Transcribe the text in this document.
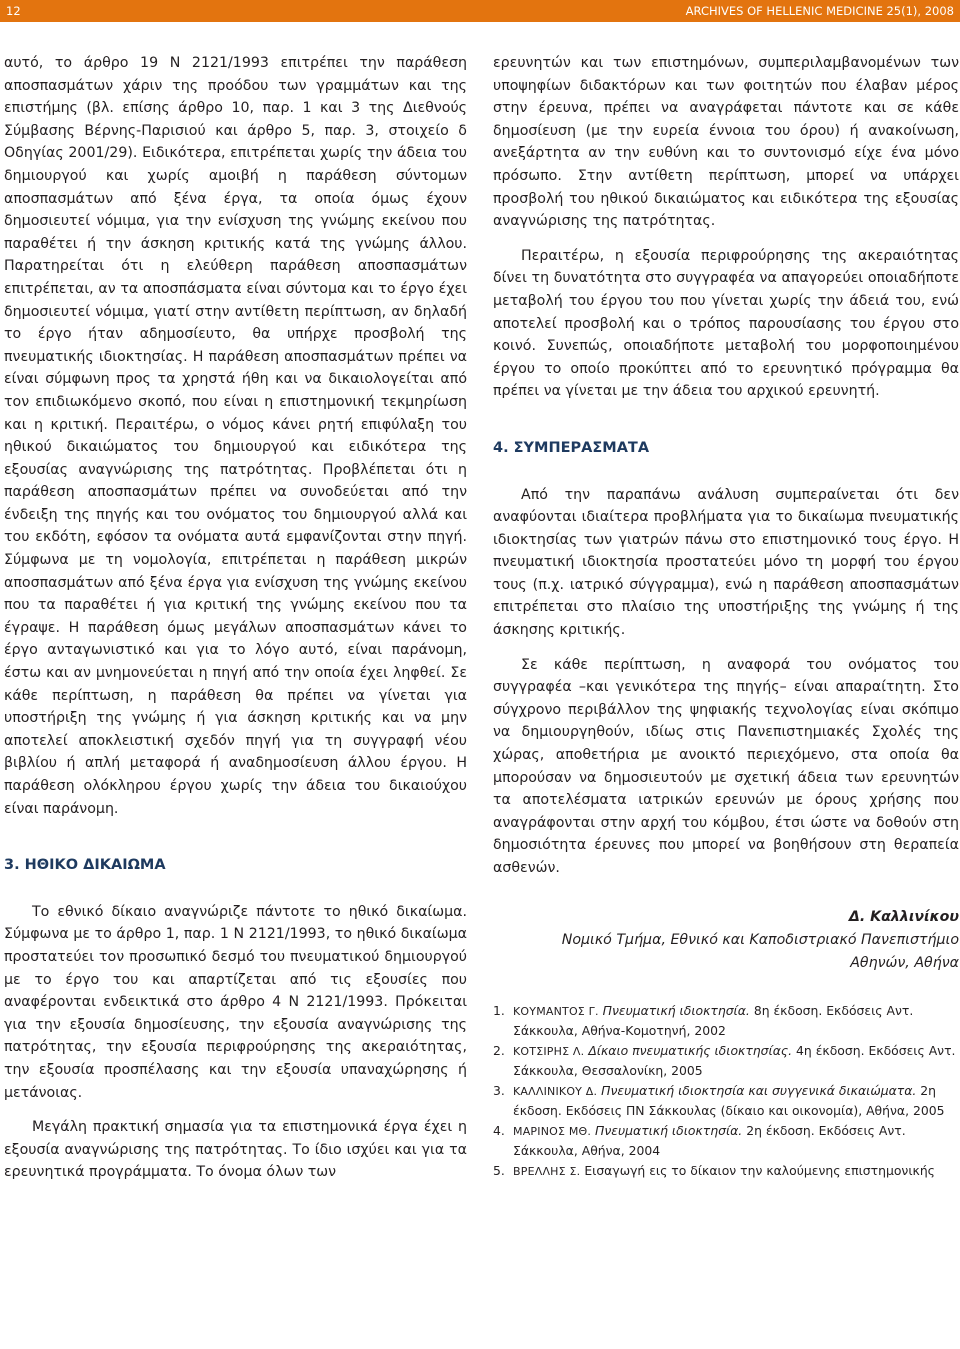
12	ARCHIVES OF HELLENIC MEDICINE 25(1), 2008

αυτό, το άρθρο 19 Ν 2121/1993 επιτρέπει την παράθεση αποσπασμάτων χάριν της προόδου των γραμμάτων και της επιστήμης (βλ. επίσης άρθρο 10, παρ. 1 και 3 της Διεθνούς Σύμβασης Βέρνης-Παρισιού και άρθρο 5, παρ. 3, στοιχείο δ Οδηγίας 2001/29). Ειδικότερα, επιτρέπεται χωρίς την άδεια του δημιουργού και χωρίς αμοιβή η παράθεση σύντομων αποσπασμάτων από ξένα έργα, τα οποία όμως έχουν δημοσιευτεί νόμιμα, για την ενίσχυση της γνώμης εκείνου που παραθέτει ή την άσκηση κριτικής κατά της γνώμης άλλου. Παρατηρείται ότι η ελεύθερη παράθεση αποσπασμάτων επιτρέπεται, αν τα αποσπάσματα είναι σύντομα και το έργο έχει δημοσιευτεί νόμιμα, γιατί στην αντίθετη περίπτωση, αν δηλαδή το έργο ήταν αδημοσίευτο, θα υπήρχε προσβολή της πνευματικής ιδιοκτησίας. Η παράθεση αποσπασμάτων πρέπει να είναι σύμφωνη προς τα χρηστά ήθη και να δικαιολογείται από τον επιδιωκόμενο σκοπό, που είναι η επιστημονική τεκμηρίωση και η κριτική. Περαιτέρω, ο νόμος κάνει ρητή επιφύλαξη του ηθικού δικαιώματος του δημιουργού και ειδικότερα της εξουσίας αναγνώρισης της πατρότητας. Προβλέπεται ότι η παράθεση αποσπασμάτων πρέπει να συνοδεύεται από την ένδειξη της πηγής και του ονόματος του δημιουργού αλλά και του εκδότη, εφόσον τα ονόματα αυτά εμφανίζονται στην πηγή. Σύμφωνα με τη νομολογία, επιτρέπεται η παράθεση μικρών αποσπασμάτων από ξένα έργα για ενίσχυση της γνώμης εκείνου που τα παραθέτει ή για κριτική της γνώμης εκείνου που τα έγραψε. Η παράθεση όμως μεγάλων αποσπασμάτων κάνει το έργο ανταγωνιστικό και για το λόγο αυτό, είναι παράνομη, έστω και αν μνημονεύεται η πηγή από την οποία έχει ληφθεί. Σε κάθε περίπτωση, η παράθεση θα πρέπει να γίνεται για υποστήριξη της γνώμης ή για άσκηση κριτικής και να μην αποτελεί αποκλειστική σχεδόν πηγή για τη συγγραφή νέου βιβλίου ή απλή μεταφορά ή αναδημοσίευση άλλου έργου. Η παράθεση ολόκληρου έργου χωρίς την άδεια του δικαιούχου είναι παράνομη.

3. ΗΘΙΚΟ ΔΙΚΑΙΩΜΑ

Το εθνικό δίκαιο αναγνώριζε πάντοτε το ηθικό δικαίωμα. Σύμφωνα με το άρθρο 1, παρ. 1 Ν 2121/1993, το ηθικό δικαίωμα προστατεύει τον προσωπικό δεσμό του πνευματικού δημιουργού με το έργο του και απαρτίζεται από τις εξουσίες που αναφέρονται ενδεικτικά στο άρθρο 4 Ν 2121/1993. Πρόκειται για την εξουσία δημοσίευσης, την εξουσία αναγνώρισης της πατρότητας, την εξουσία περιφρούρησης της ακεραιότητας, την εξουσία προσπέλασης και την εξουσία υπαναχώρησης ή μετάνοιας.

Μεγάλη πρακτική σημασία για τα επιστημονικά έργα έχει η εξουσία αναγνώρισης της πατρότητας. Το ίδιο ισχύει και για τα ερευνητικά προγράμματα. Το όνομα όλων των

ερευνητών και των επιστημόνων, συμπεριλαμβανομένων των υποψηφίων διδακτόρων και των φοιτητών που έλαβαν μέρος στην έρευνα, πρέπει να αναγράφεται πάντοτε και σε κάθε δημοσίευση (με την ευρεία έννοια του όρου) ή ανακοίνωση, ανεξάρτητα αν την ευθύνη και το συντονισμό είχε ένα μόνο πρόσωπο. Στην αντίθετη περίπτωση, μπορεί να υπάρχει προσβολή του ηθικού δικαιώματος και ειδικότερα της εξουσίας αναγνώρισης της πατρότητας.

Περαιτέρω, η εξουσία περιφρούρησης της ακεραιότητας δίνει τη δυνατότητα στο συγγραφέα να απαγορεύει οποιαδήποτε μεταβολή του έργου του που γίνεται χωρίς την άδειά του, ενώ αποτελεί προσβολή και ο τρόπος παρουσίασης του έργου στο κοινό. Συνεπώς, οποιαδήποτε μεταβολή του μορφοποιημένου έργου το οποίο προκύπτει από το ερευνητικό πρόγραμμα θα πρέπει να γίνεται με την άδεια του αρχικού ερευνητή.

4. ΣΥΜΠΕΡΑΣΜΑΤΑ

Από την παραπάνω ανάλυση συμπεραίνεται ότι δεν αναφύονται ιδιαίτερα προβλήματα για το δικαίωμα πνευματικής ιδιοκτησίας των γιατρών πάνω στο επιστημονικό τους έργο. Η πνευματική ιδιοκτησία προστατεύει μόνο τη μορφή του έργου τους (π.χ. ιατρικό σύγγραμμα), ενώ η παράθεση αποσπασμάτων επιτρέπεται στο πλαίσιο της υποστήριξης της γνώμης ή της άσκησης κριτικής.

Σε κάθε περίπτωση, η αναφορά του ονόματος του συγγραφέα –και γενικότερα της πηγής– είναι απαραίτητη. Στο σύγχρονο περιβάλλον της ψηφιακής τεχνολογίας είναι σκόπιμο να δημιουργηθούν, ιδίως στις Πανεπιστημιακές Σχολές της χώρας, αποθετήρια με ανοικτό περιεχόμενο, στα οποία θα μπορούσαν να δημοσιευτούν με σχετική άδεια των ερευνητών τα αποτελέσματα ιατρικών ερευνών με όρους χρήσης που αναγράφονται στην αρχή του κόμβου, έτσι ώστε να δοθούν στη δημοσιότητα έρευνες που μπορεί να βοηθήσουν στη θεραπεία ασθενών.

Δ. Καλλινίκου
Νομικό Τμήμα, Εθνικό και Καποδιστριακό Πανεπιστήμιο
Αθηνών, Αθήνα
1. ΚΟΥΜΑΝΤΟΣ Γ. Πνευματική ιδιοκτησία. 8η έκδοση. Εκδόσεις Αντ. Σάκκουλα, Αθήνα-Κομοτηνή, 2002
2. ΚΟΤΣΙΡΗΣ Λ. Δίκαιο πνευματικής ιδιοκτησίας. 4η έκδοση. Εκδόσεις Αντ. Σάκκουλα, Θεσσαλονίκη, 2005
3. ΚΑΛΛΙΝΙΚΟΥ Δ. Πνευματική ιδιοκτησία και συγγενικά δικαιώματα. 2η έκδοση. Εκδόσεις ΠΝ Σάκκουλας (δίκαιο και οικονομία), Αθήνα, 2005
4. ΜΑΡΙΝΟΣ ΜΘ. Πνευματική ιδιοκτησία. 2η έκδοση. Εκδόσεις Αντ. Σάκκουλα, Αθήνα, 2004
5. ΒΡΕΛΛΗΣ Σ. Εισαγωγή εις το δίκαιον την καλούμενης επιστημονικής
